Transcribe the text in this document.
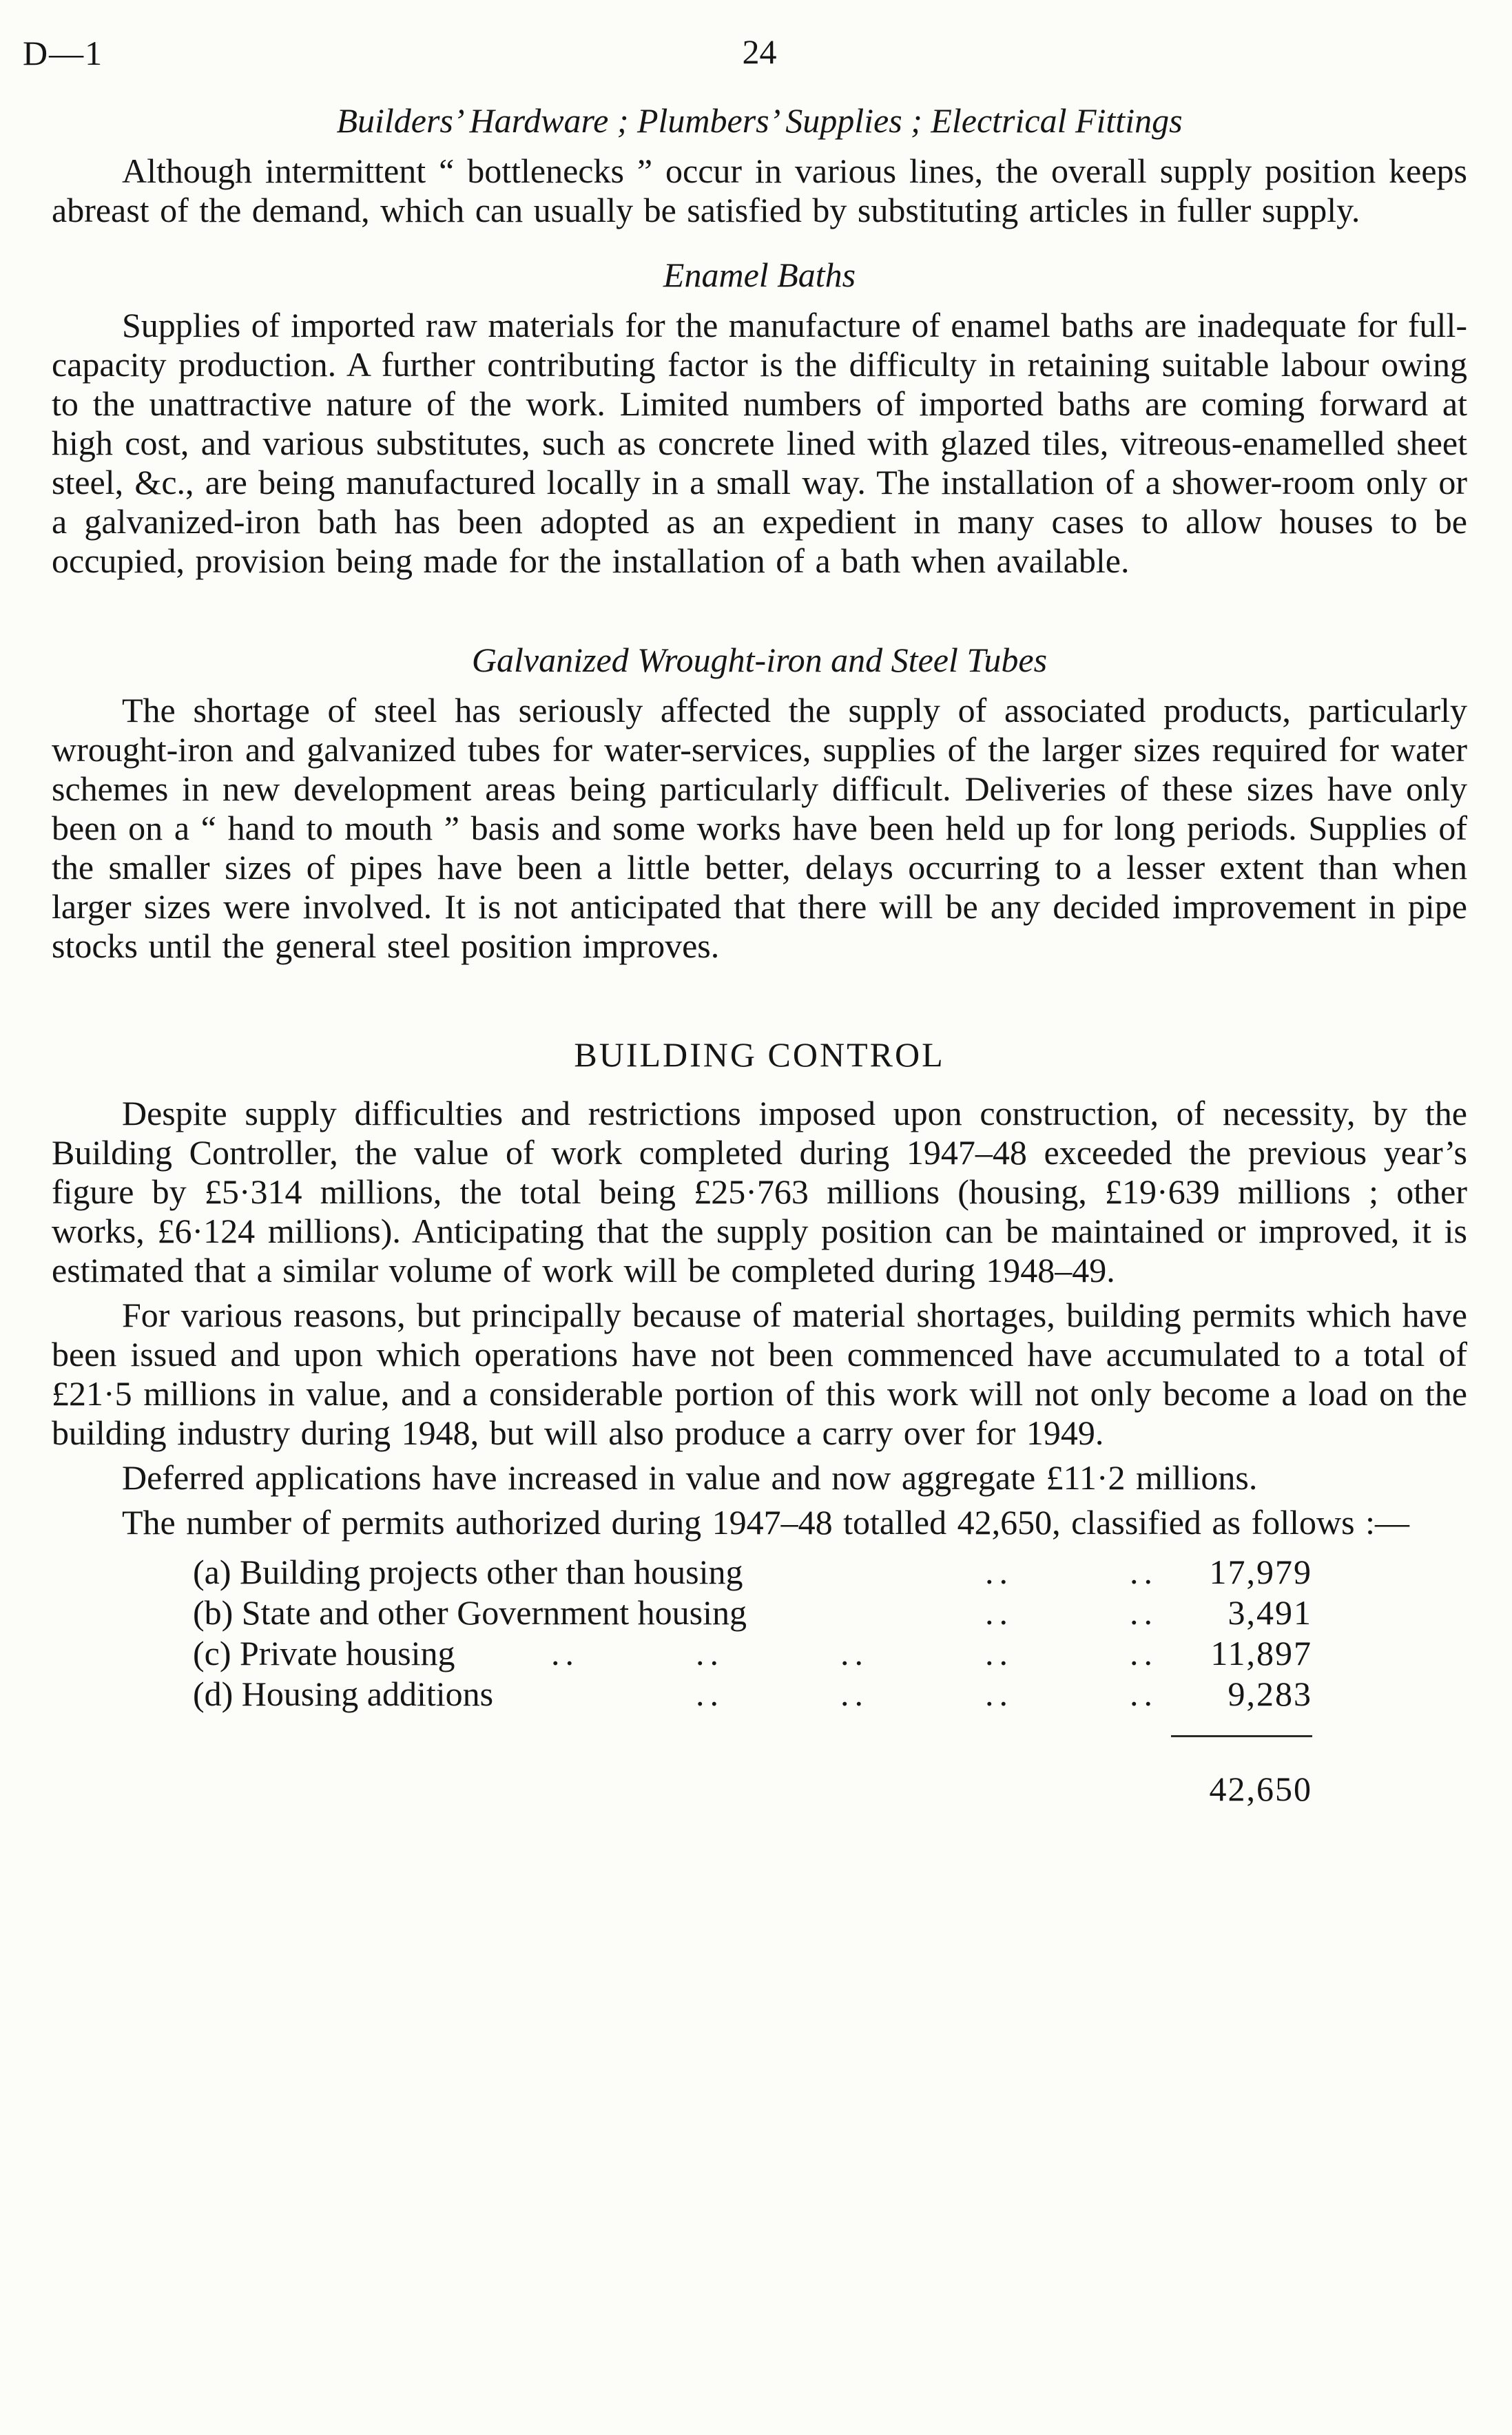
D—1	24
Builders’ Hardware ; Plumbers’ Supplies ; Electrical Fittings

Although intermittent “ bottlenecks ” occur in various lines, the overall supply position keeps abreast of the demand, which can usually be satisfied by substituting articles in fuller supply.

Enamel Baths

Supplies of imported raw materials for the manufacture of enamel baths are inadequate for full-capacity production. A further contributing factor is the difficulty in retaining suitable labour owing to the unattractive nature of the work. Limited numbers of imported baths are coming forward at high cost, and various substitutes, such as concrete lined with glazed tiles, vitreous-enamelled sheet steel, &c., are being manufactured locally in a small way. The installation of a shower-room only or a galvanized-iron bath has been adopted as an expedient in many cases to allow houses to be occupied, provision being made for the installation of a bath when available.

Galvanized Wrought-iron and Steel Tubes

The shortage of steel has seriously affected the supply of associated products, particularly wrought-iron and galvanized tubes for water-services, supplies of the larger sizes required for water schemes in new development areas being particularly difficult. Deliveries of these sizes have only been on a “ hand to mouth ” basis and some works have been held up for long periods. Supplies of the smaller sizes of pipes have been a little better, delays occurring to a lesser extent than when larger sizes were involved. It is not anticipated that there will be any decided improvement in pipe stocks until the general steel position improves.

BUILDING CONTROL

Despite supply difficulties and restrictions imposed upon construction, of necessity, by the Building Controller, the value of work completed during 1947–48 exceeded the previous year’s figure by £5·314 millions, the total being £25·763 millions (housing, £19·639 millions ; other works, £6·124 millions). Anticipating that the supply position can be maintained or improved, it is estimated that a similar volume of work will be completed during 1948–49.

For various reasons, but principally because of material shortages, building permits which have been issued and upon which operations have not been commenced have accumulated to a total of £21·5 millions in value, and a considerable portion of this work will not only become a load on the building industry during 1948, but will also produce a carry over for 1949.

Deferred applications have increased in value and now aggregate £11·2 millions.

The number of permits authorized during 1947–48 totalled 42,650, classified as follows :—

(a) Building projects other than housing	..	..	17,979
(b) State and other Government housing	..	..	3,491
(c) Private housing	..	..	..	..	..	11,897
(d) Housing additions	..	..	..	..	9,283
42,650
